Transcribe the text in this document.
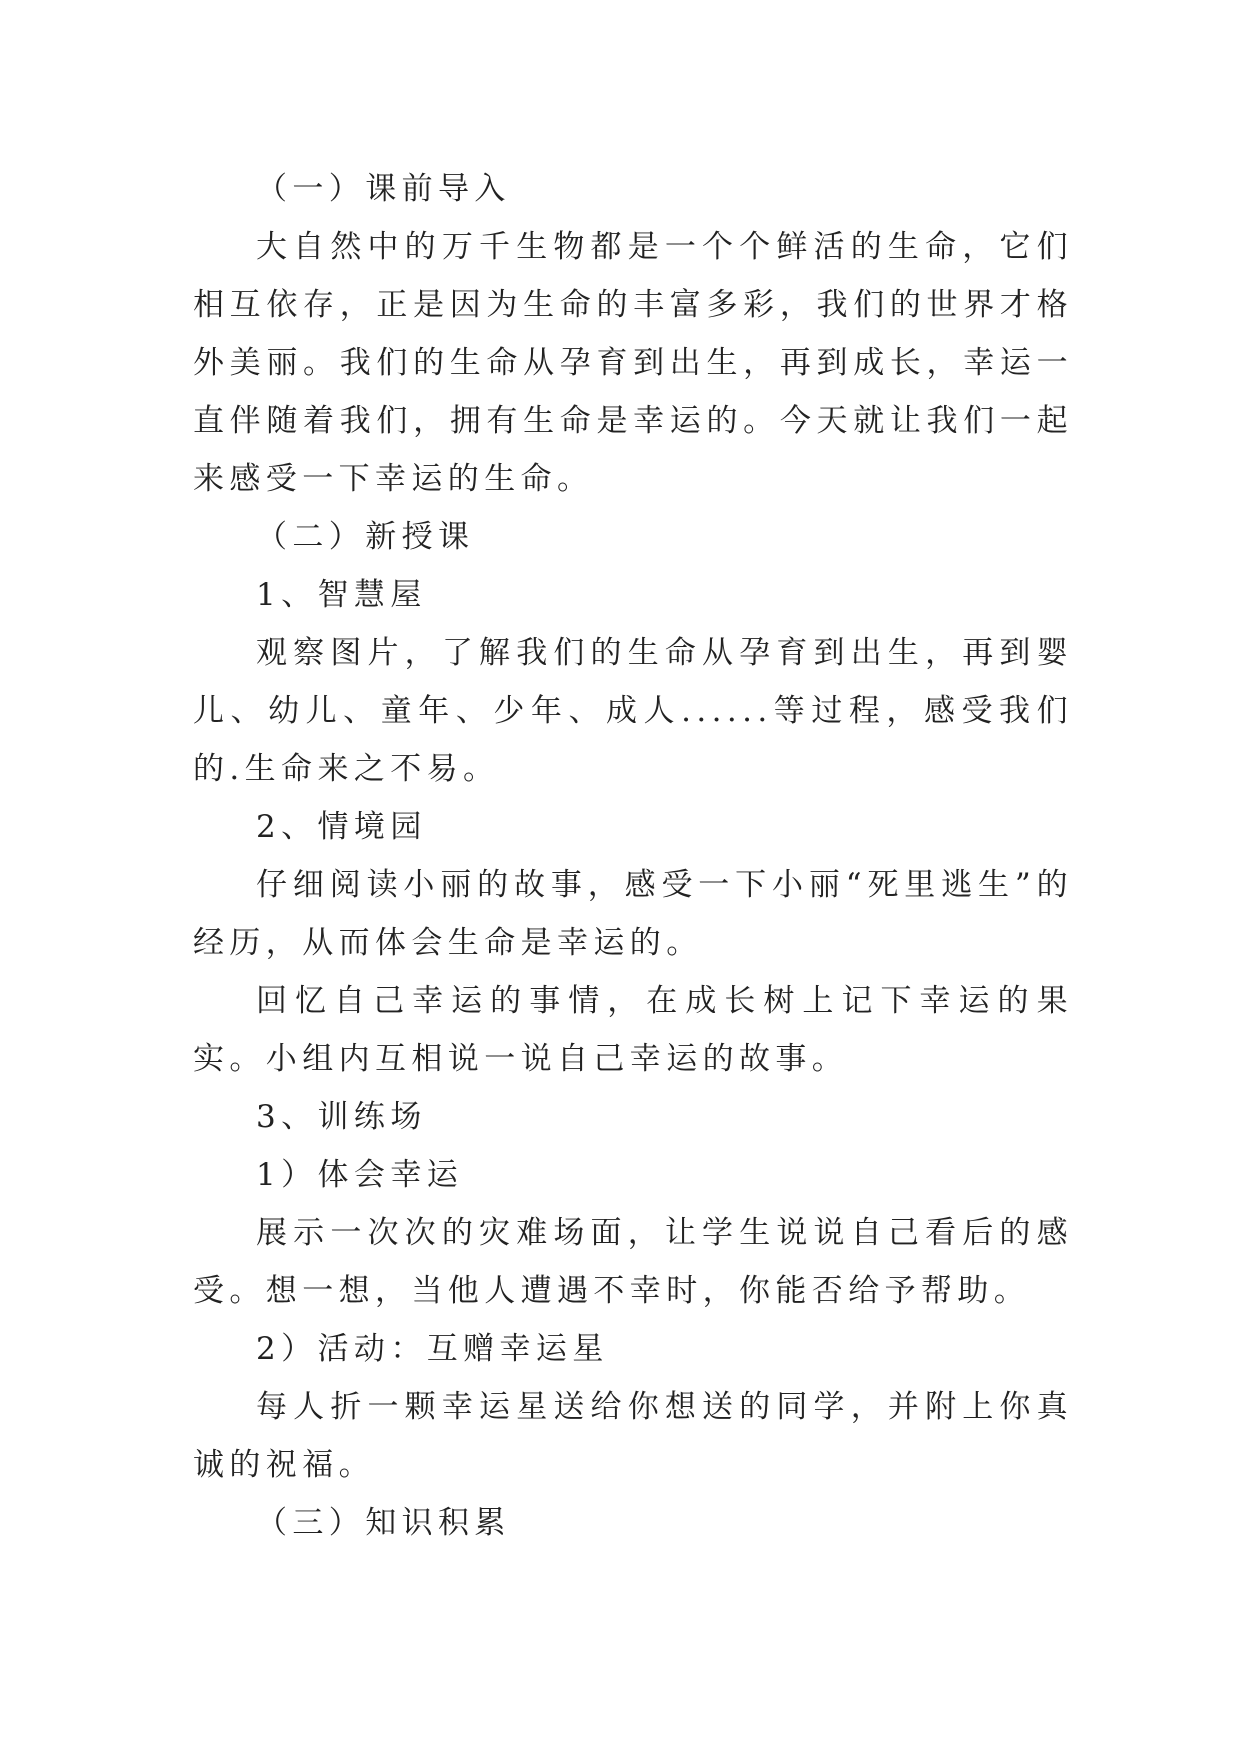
（一）课前导入

大自然中的万千生物都是一个个鲜活的生命，它们相互依存，正是因为生命的丰富多彩，我们的世界才格外美丽。我们的生命从孕育到出生，再到成长，幸运一直伴随着我们，拥有生命是幸运的。今天就让我们一起来感受一下幸运的生命。

（二）新授课

1、智慧屋

观察图片，了解我们的生命从孕育到出生，再到婴儿、幼儿、童年、少年、成人......等过程，感受我们的.生命来之不易。

2、情境园

仔细阅读小丽的故事，感受一下小丽“死里逃生”的经历，从而体会生命是幸运的。

回忆自己幸运的事情，在成长树上记下幸运的果实。小组内互相说一说自己幸运的故事。

3、训练场

1）体会幸运

展示一次次的灾难场面，让学生说说自己看后的感受。想一想，当他人遭遇不幸时，你能否给予帮助。

2）活动：互赠幸运星

每人折一颗幸运星送给你想送的同学，并附上你真诚的祝福。

（三）知识积累
